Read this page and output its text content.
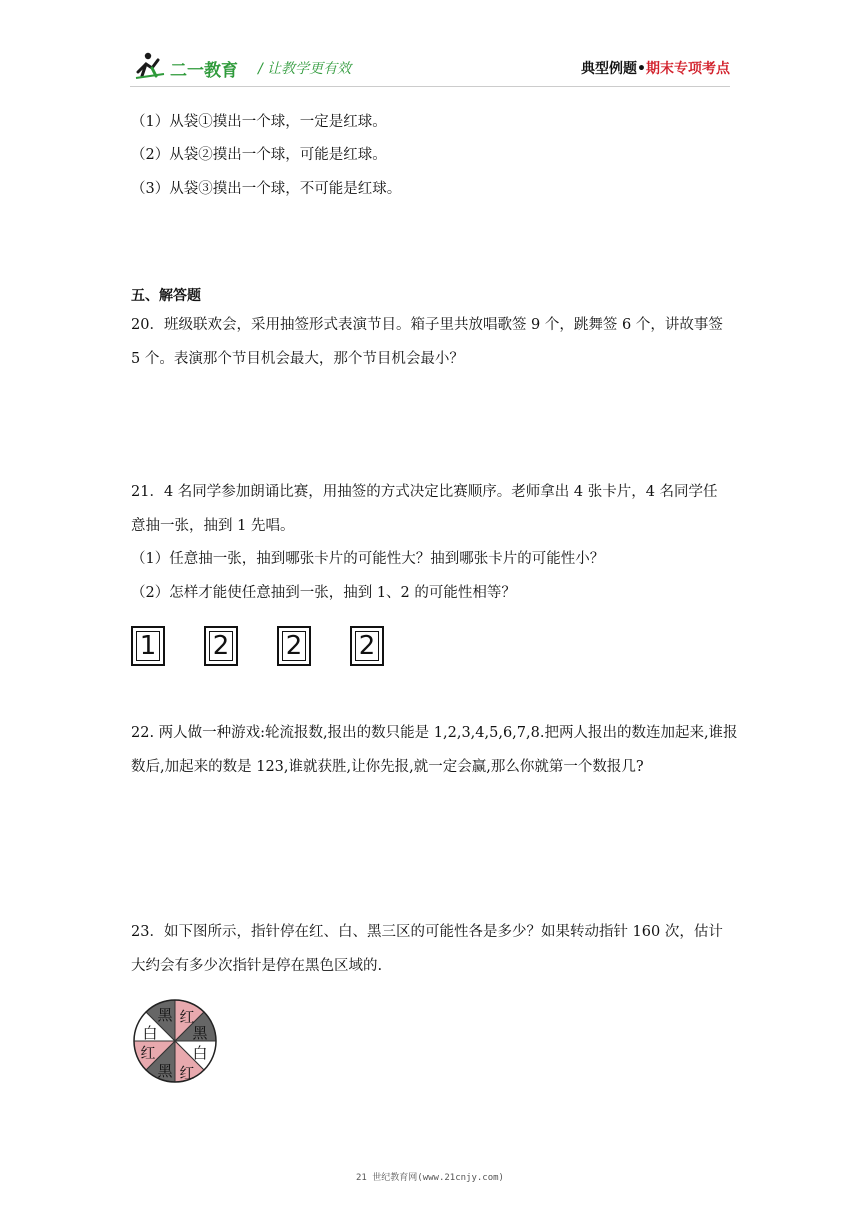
二一教育 / 让教学更有效	典型例题•期末专项考点
（1）从袋①摸出一个球，一定是红球。
（2）从袋②摸出一个球，可能是红球。
（3）从袋③摸出一个球，不可能是红球。
五、解答题
20．班级联欢会，采用抽签形式表演节目。箱子里共放唱歌签 9 个，跳舞签 6 个，讲故事签
5 个。表演那个节目机会最大，那个节目机会最小？
21．4 名同学参加朗诵比赛，用抽签的方式决定比赛顺序。老师拿出 4 张卡片，4 名同学任
意抽一张，抽到 1 先唱。
（1）任意抽一张，抽到哪张卡片的可能性大？抽到哪张卡片的可能性小？
（2）怎样才能使任意抽到一张，抽到 1、2 的可能性相等？
1	2	2	2
22. 两人做一种游戏:轮流报数,报出的数只能是 1,2,3,4,5,6,7,8.把两人报出的数连加起来,谁报
数后,加起来的数是 123,谁就获胜,让你先报,就一定会赢,那么你就第一个数报几?
23．如下图所示，指针停在红、白、黑三区的可能性各是多少？如果转动指针 160 次，估计
大约会有多少次指针是停在黑色区域的.
红
黑
白
红
红
白
黑
黑
21 世纪教育网(www.21cnjy.com)
